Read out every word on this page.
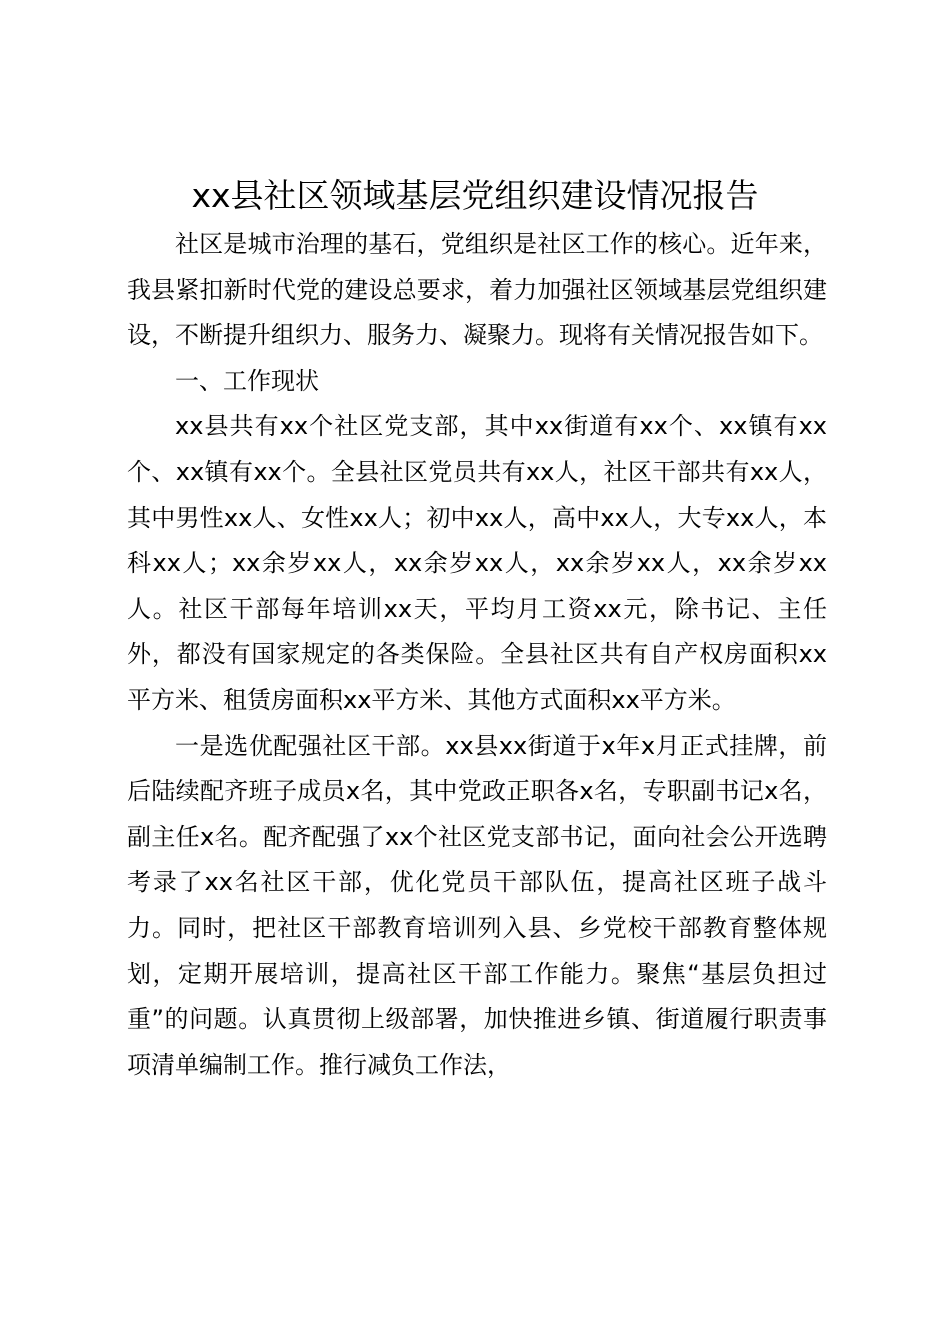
xx县社区领域基层党组织建设情况报告

社区是城市治理的基石，党组织是社区工作的核心。近年来，我县紧扣新时代党的建设总要求，着力加强社区领域基层党组织建设，不断提升组织力、服务力、凝聚力。现将有关情况报告如下。

一、工作现状

xx县共有xx个社区党支部，其中xx街道有xx个、xx镇有xx个、xx镇有xx个。全县社区党员共有xx人，社区干部共有xx人，其中男性xx人、女性xx人；初中xx人，高中xx人，大专xx人，本科xx人；xx余岁xx人，xx余岁xx人，xx余岁xx人，xx余岁xx人。社区干部每年培训xx天，平均月工资xx元，除书记、主任外，都没有国家规定的各类保险。全县社区共有自产权房面积xx平方米、租赁房面积xx平方米、其他方式面积xx平方米。

一是选优配强社区干部。xx县xx街道于x年x月正式挂牌，前后陆续配齐班子成员x名，其中党政正职各x名，专职副书记x名，副主任x名。配齐配强了xx个社区党支部书记，面向社会公开选聘考录了xx名社区干部，优化党员干部队伍，提高社区班子战斗力。同时，把社区干部教育培训列入县、乡党校干部教育整体规划，定期开展培训，提高社区干部工作能力。聚焦“基层负担过重”的问题。认真贯彻上级部署，加快推进乡镇、街道履行职责事项清单编制工作。推行减负工作法，
